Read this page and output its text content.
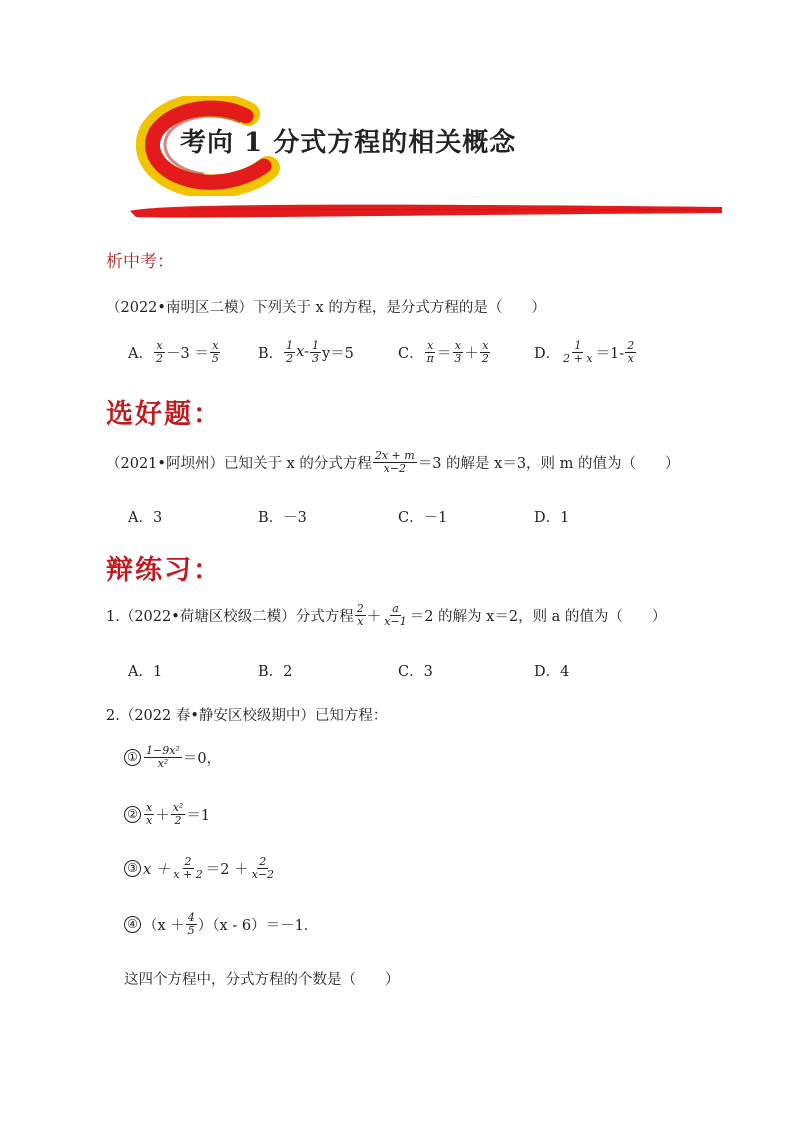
考向 1 分式方程的相关概念
析中考：
（2022•南明区二模）下列关于 x 的方程，是分式方程的是（　　）
A． $\frac{x}{2} -3 = \frac{x}{5}$	B． $\frac{1}{2} x- \frac{1}{3} y=5$	C． $\frac{x}{\pi} = \frac{x}{3} + \frac{x}{2}$	D． $\frac{1}{2 + x} =1- \frac{2}{x}$
选好题：
（2021•阿坝州）已知关于 x 的分式方程 $\frac{2x + m}{x-2} =3$ 的解是 x＝3，则 m 的值为（　　）
A．3	B．－3	C．－1	D．1
辩练习：
1.（2022•荷塘区校级二模）分式方程 $\frac{2}{x} + \frac{a}{x-1} =2$ 的解为 x＝2，则 a 的值为（　　）
A．1	B．2	C．3	D．4
2.（2022 春•静安区校级期中）已知方程：
① $\frac{\text{1−9x²}}{\text{x²}} =0$，
② $\frac{x}{x} + \frac{\text{x²}}{2} =1$
③ $x + \frac{2}{x + 2} =2 + \frac{2}{x-2}$
④ $(x + \frac{4}{5} )(x - 6)=-1$．
这四个方程中，分式方程的个数是（　　）
